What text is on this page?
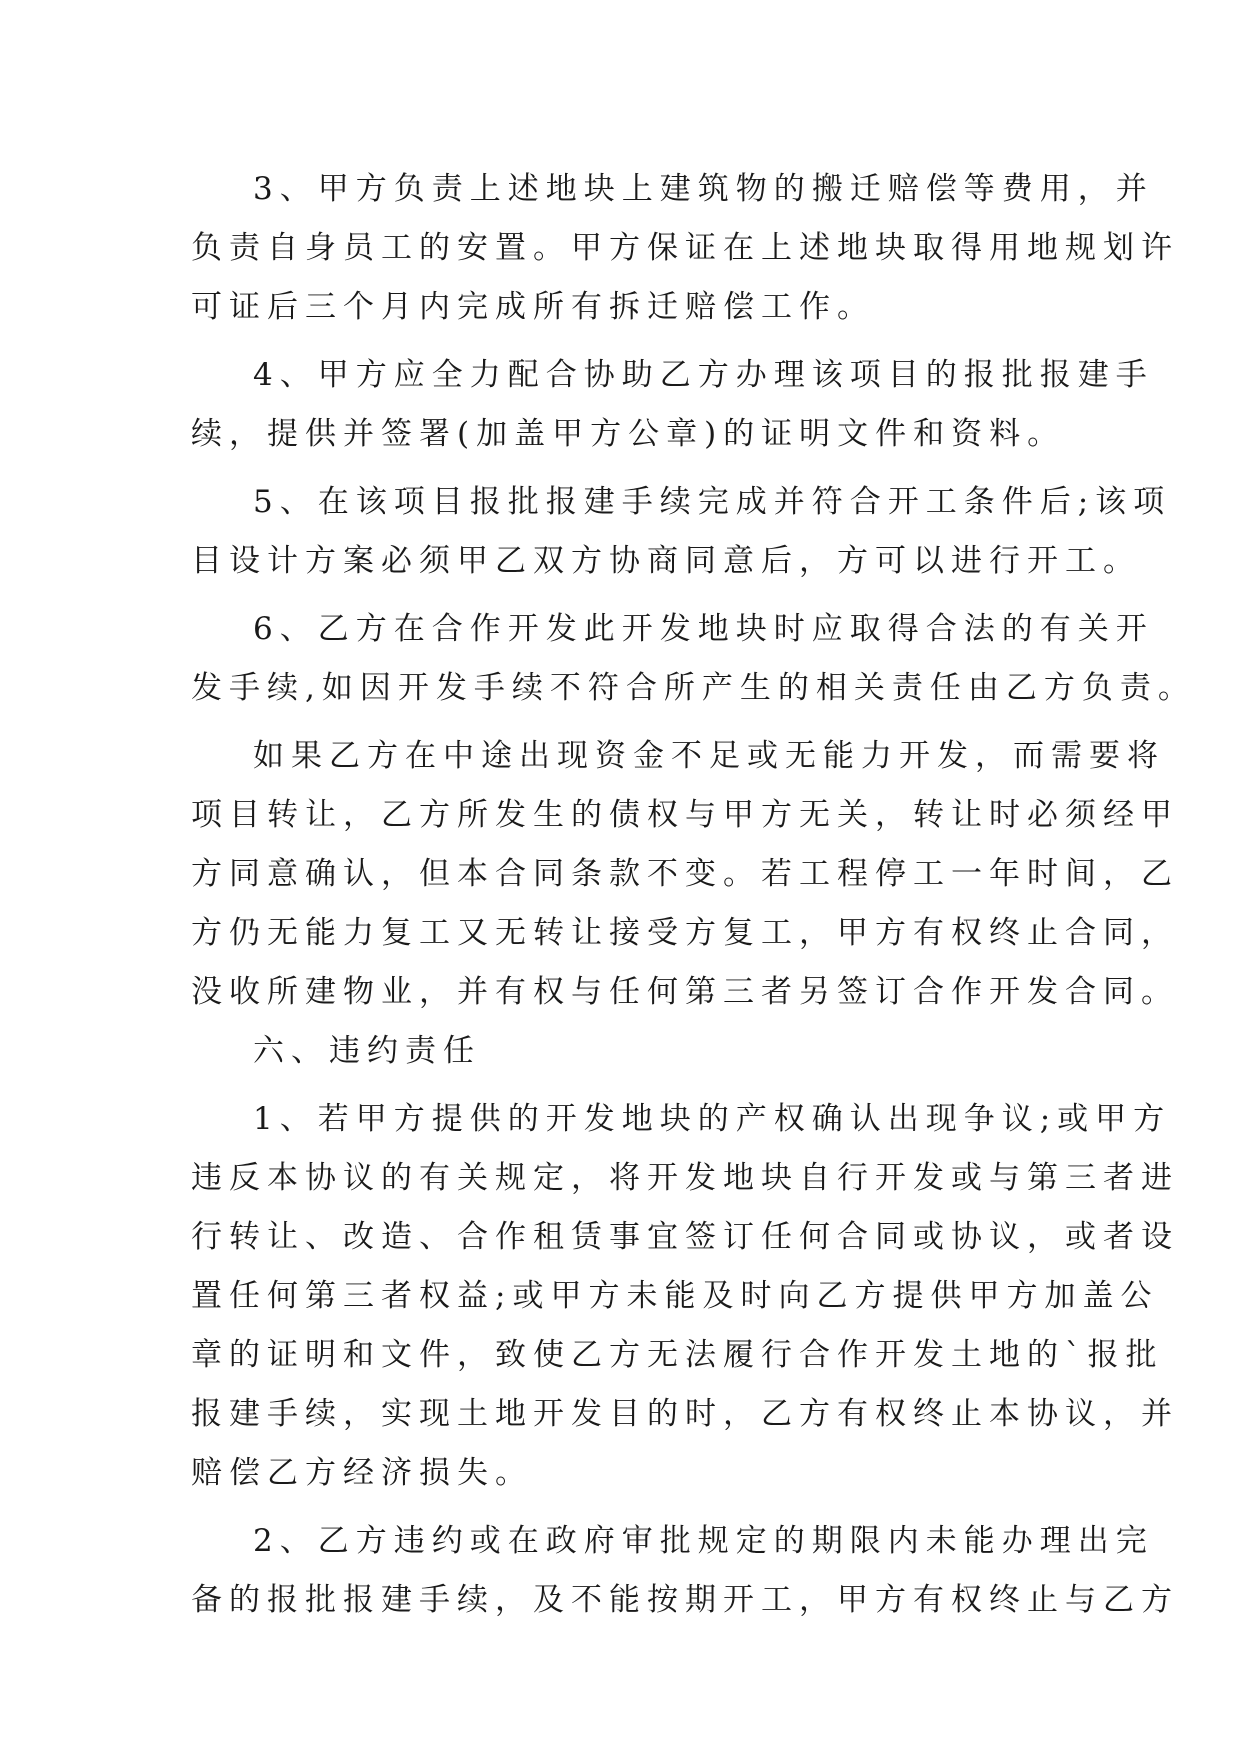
3、甲方负责上述地块上建筑物的搬迁赔偿等费用，并
负责自身员工的安置。甲方保证在上述地块取得用地规划许
可证后三个月内完成所有拆迁赔偿工作。
4、甲方应全力配合协助乙方办理该项目的报批报建手
续，提供并签署(加盖甲方公章)的证明文件和资料。
5、在该项目报批报建手续完成并符合开工条件后;该项
目设计方案必须甲乙双方协商同意后，方可以进行开工。
6、乙方在合作开发此开发地块时应取得合法的有关开
发手续,如因开发手续不符合所产生的相关责任由乙方负责。
如果乙方在中途出现资金不足或无能力开发，而需要将
项目转让，乙方所发生的债权与甲方无关，转让时必须经甲
方同意确认，但本合同条款不变。若工程停工一年时间，乙
方仍无能力复工又无转让接受方复工，甲方有权终止合同，
没收所建物业，并有权与任何第三者另签订合作开发合同。
六、违约责任
1、若甲方提供的开发地块的产权确认出现争议;或甲方
违反本协议的有关规定，将开发地块自行开发或与第三者进
行转让、改造、合作租赁事宜签订任何合同或协议，或者设
置任何第三者权益;或甲方未能及时向乙方提供甲方加盖公
章的证明和文件，致使乙方无法履行合作开发土地的`报批
报建手续，实现土地开发目的时，乙方有权终止本协议，并
赔偿乙方经济损失。
2、乙方违约或在政府审批规定的期限内未能办理出完
备的报批报建手续，及不能按期开工，甲方有权终止与乙方
